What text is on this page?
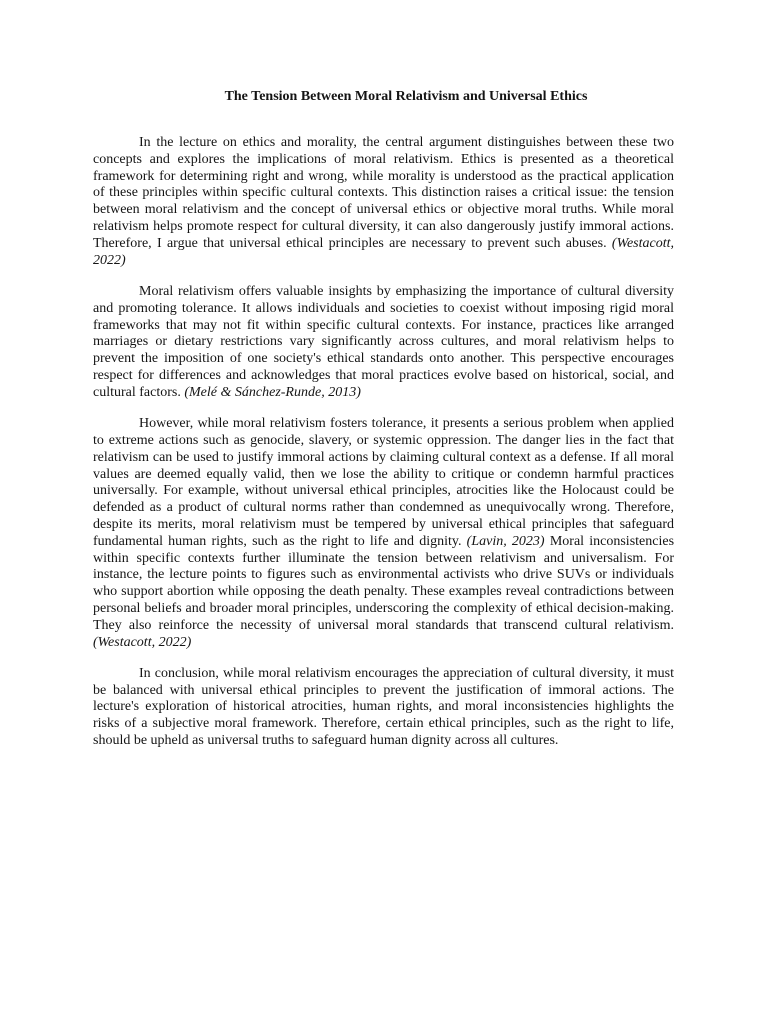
The Tension Between Moral Relativism and Universal Ethics

In the lecture on ethics and morality, the central argument distinguishes between these two concepts and explores the implications of moral relativism. Ethics is presented as a theoretical framework for determining right and wrong, while morality is understood as the practical application of these principles within specific cultural contexts. This distinction raises a critical issue: the tension between moral relativism and the concept of universal ethics or objective moral truths. While moral relativism helps promote respect for cultural diversity, it can also dangerously justify immoral actions. Therefore, I argue that universal ethical principles are necessary to prevent such abuses. (Westacott, 2022)

Moral relativism offers valuable insights by emphasizing the importance of cultural diversity and promoting tolerance. It allows individuals and societies to coexist without imposing rigid moral frameworks that may not fit within specific cultural contexts. For instance, practices like arranged marriages or dietary restrictions vary significantly across cultures, and moral relativism helps to prevent the imposition of one society's ethical standards onto another. This perspective encourages respect for differences and acknowledges that moral practices evolve based on historical, social, and cultural factors. (Melé & Sánchez-Runde, 2013)

However, while moral relativism fosters tolerance, it presents a serious problem when applied to extreme actions such as genocide, slavery, or systemic oppression. The danger lies in the fact that relativism can be used to justify immoral actions by claiming cultural context as a defense. If all moral values are deemed equally valid, then we lose the ability to critique or condemn harmful practices universally. For example, without universal ethical principles, atrocities like the Holocaust could be defended as a product of cultural norms rather than condemned as unequivocally wrong. Therefore, despite its merits, moral relativism must be tempered by universal ethical principles that safeguard fundamental human rights, such as the right to life and dignity. (Lavin, 2023) Moral inconsistencies within specific contexts further illuminate the tension between relativism and universalism. For instance, the lecture points to figures such as environmental activists who drive SUVs or individuals who support abortion while opposing the death penalty. These examples reveal contradictions between personal beliefs and broader moral principles, underscoring the complexity of ethical decision-making. They also reinforce the necessity of universal moral standards that transcend cultural relativism. (Westacott, 2022)

In conclusion, while moral relativism encourages the appreciation of cultural diversity, it must be balanced with universal ethical principles to prevent the justification of immoral actions. The lecture's exploration of historical atrocities, human rights, and moral inconsistencies highlights the risks of a subjective moral framework. Therefore, certain ethical principles, such as the right to life, should be upheld as universal truths to safeguard human dignity across all cultures.
